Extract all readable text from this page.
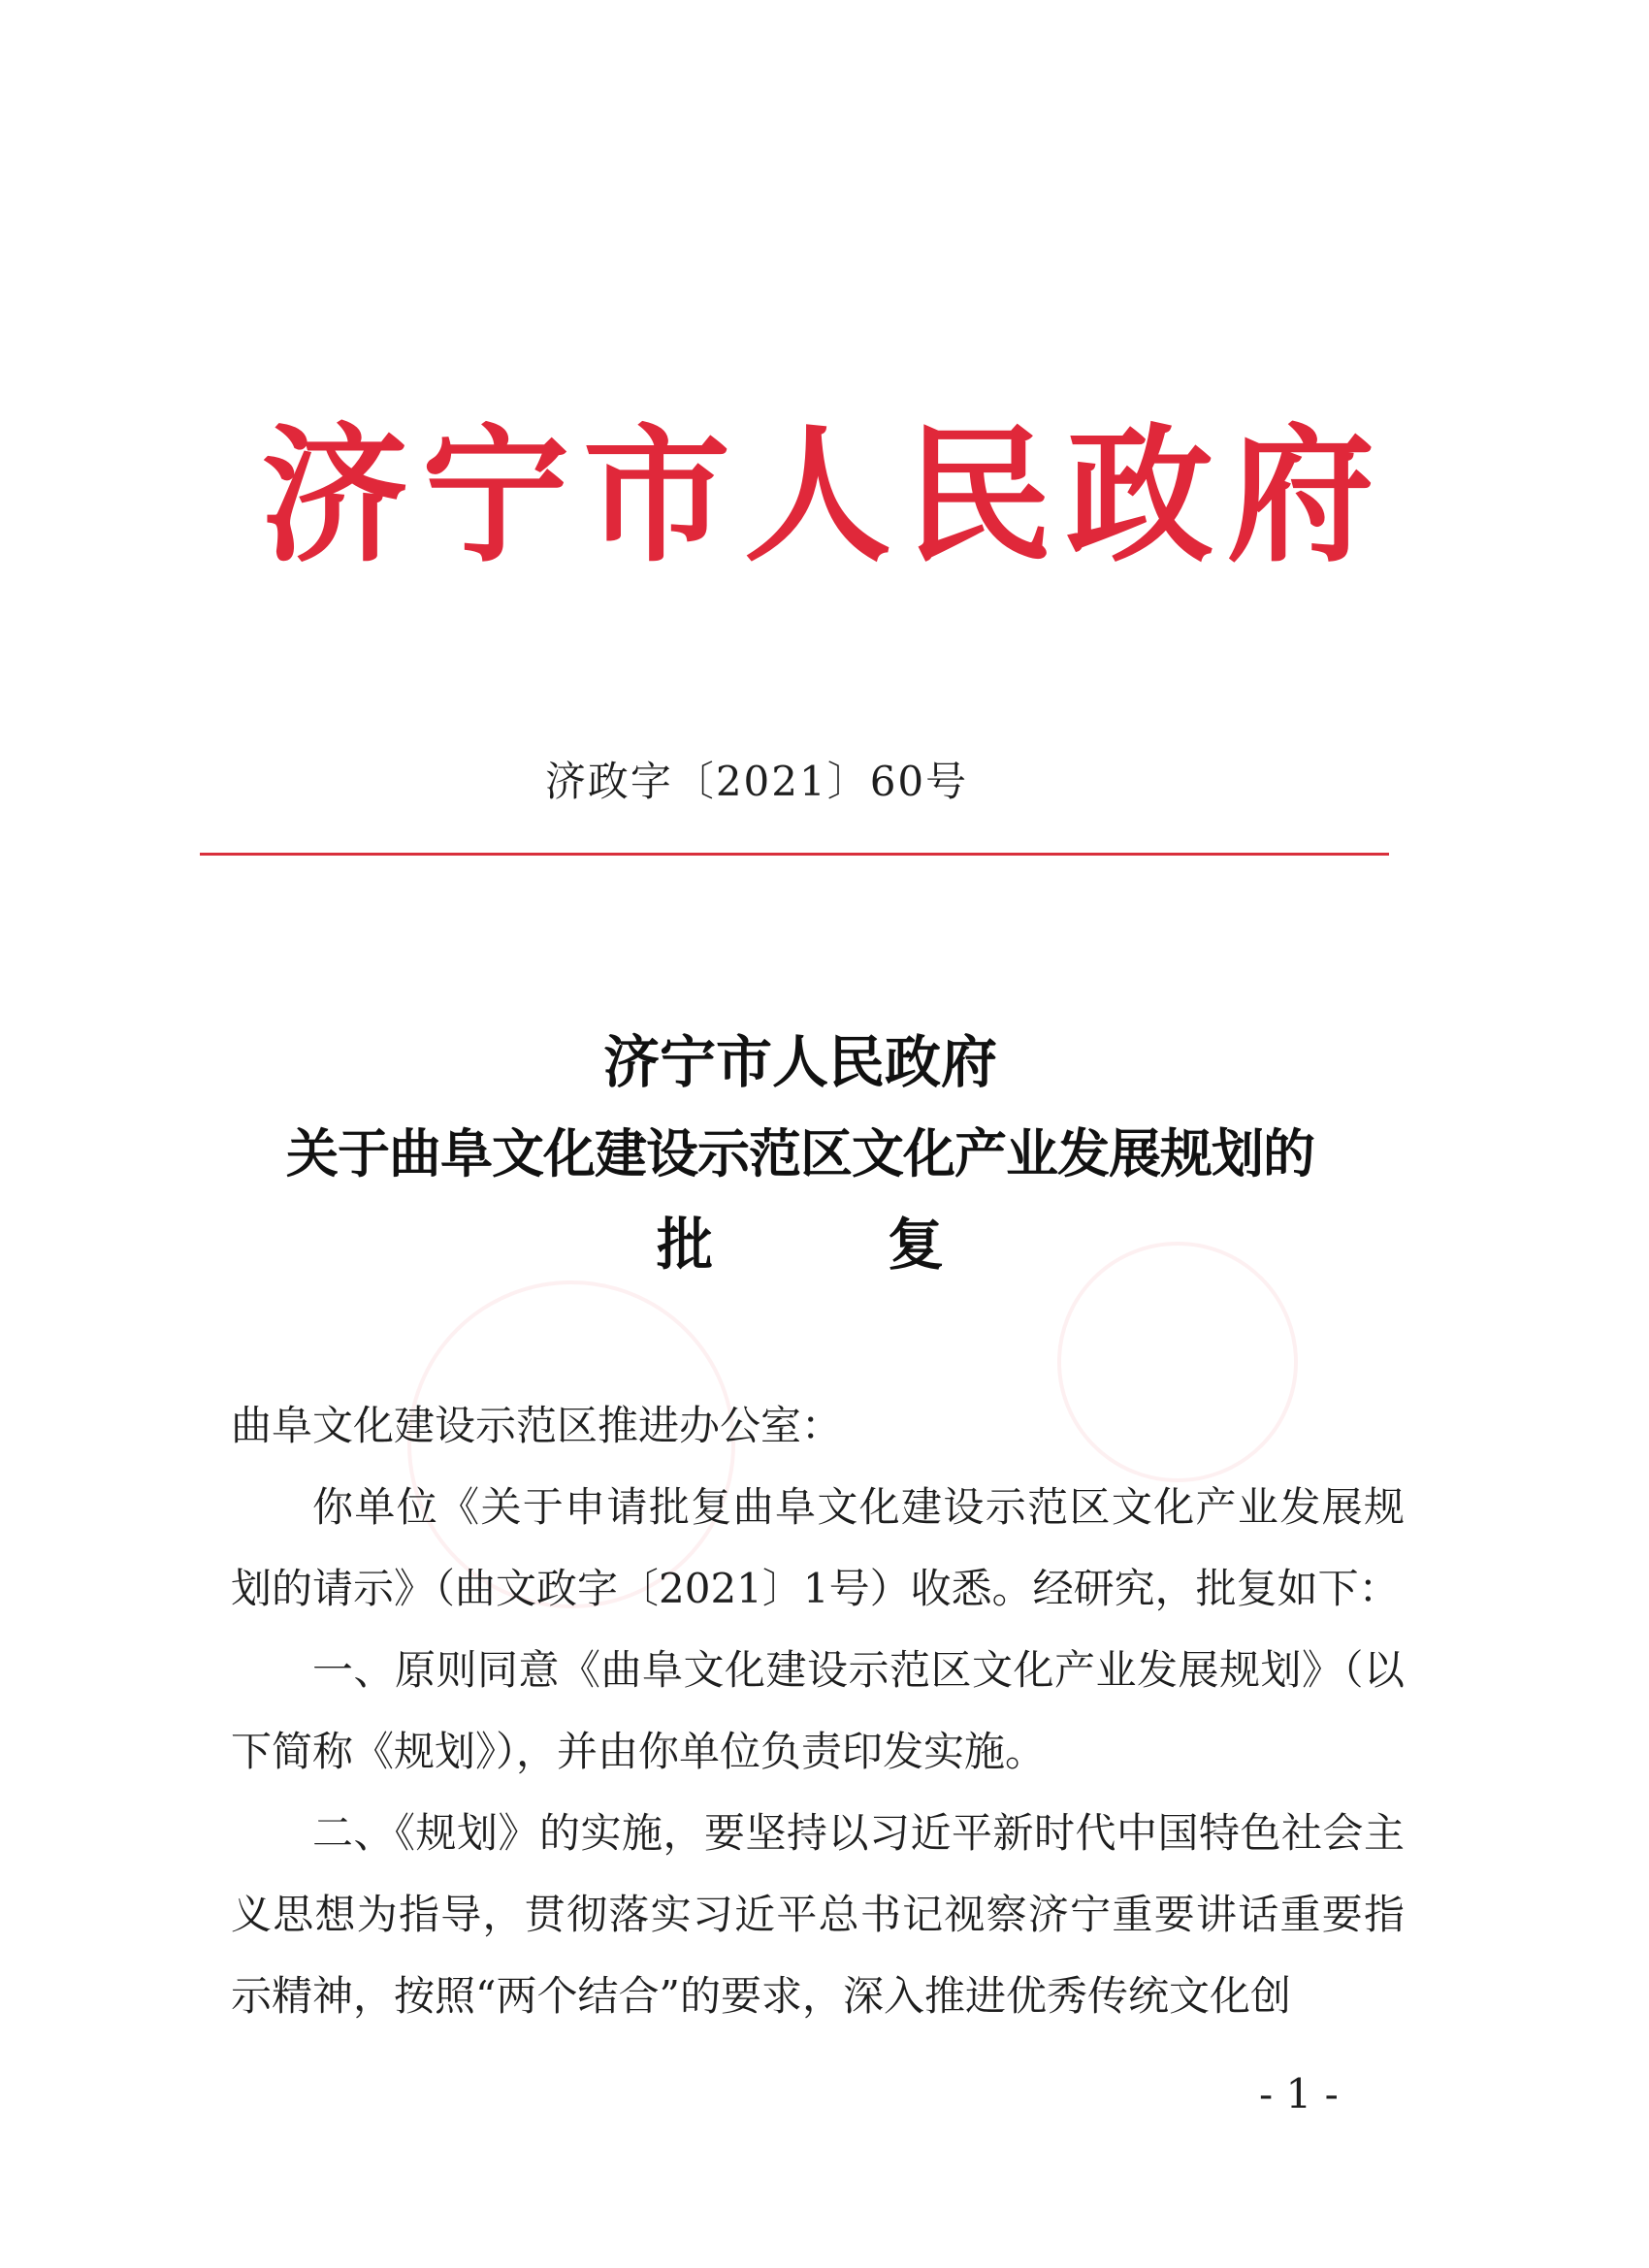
济宁市人民政府
济政字〔2021〕60号
济宁市人民政府
关于曲阜文化建设示范区文化产业发展规划的
批复

曲阜文化建设示范区推进办公室：

你单位《关于申请批复曲阜文化建设示范区文化产业发展规划的请示》（曲文政字〔2021〕1号）收悉。经研究，批复如下：

一、原则同意《曲阜文化建设示范区文化产业发展规划》（以下简称《规划》），并由你单位负责印发实施。

二、《规划》的实施，要坚持以习近平新时代中国特色社会主义思想为指导，贯彻落实习近平总书记视察济宁重要讲话重要指示精神，按照“两个结合”的要求，深入推进优秀传统文化创

- 1 -
